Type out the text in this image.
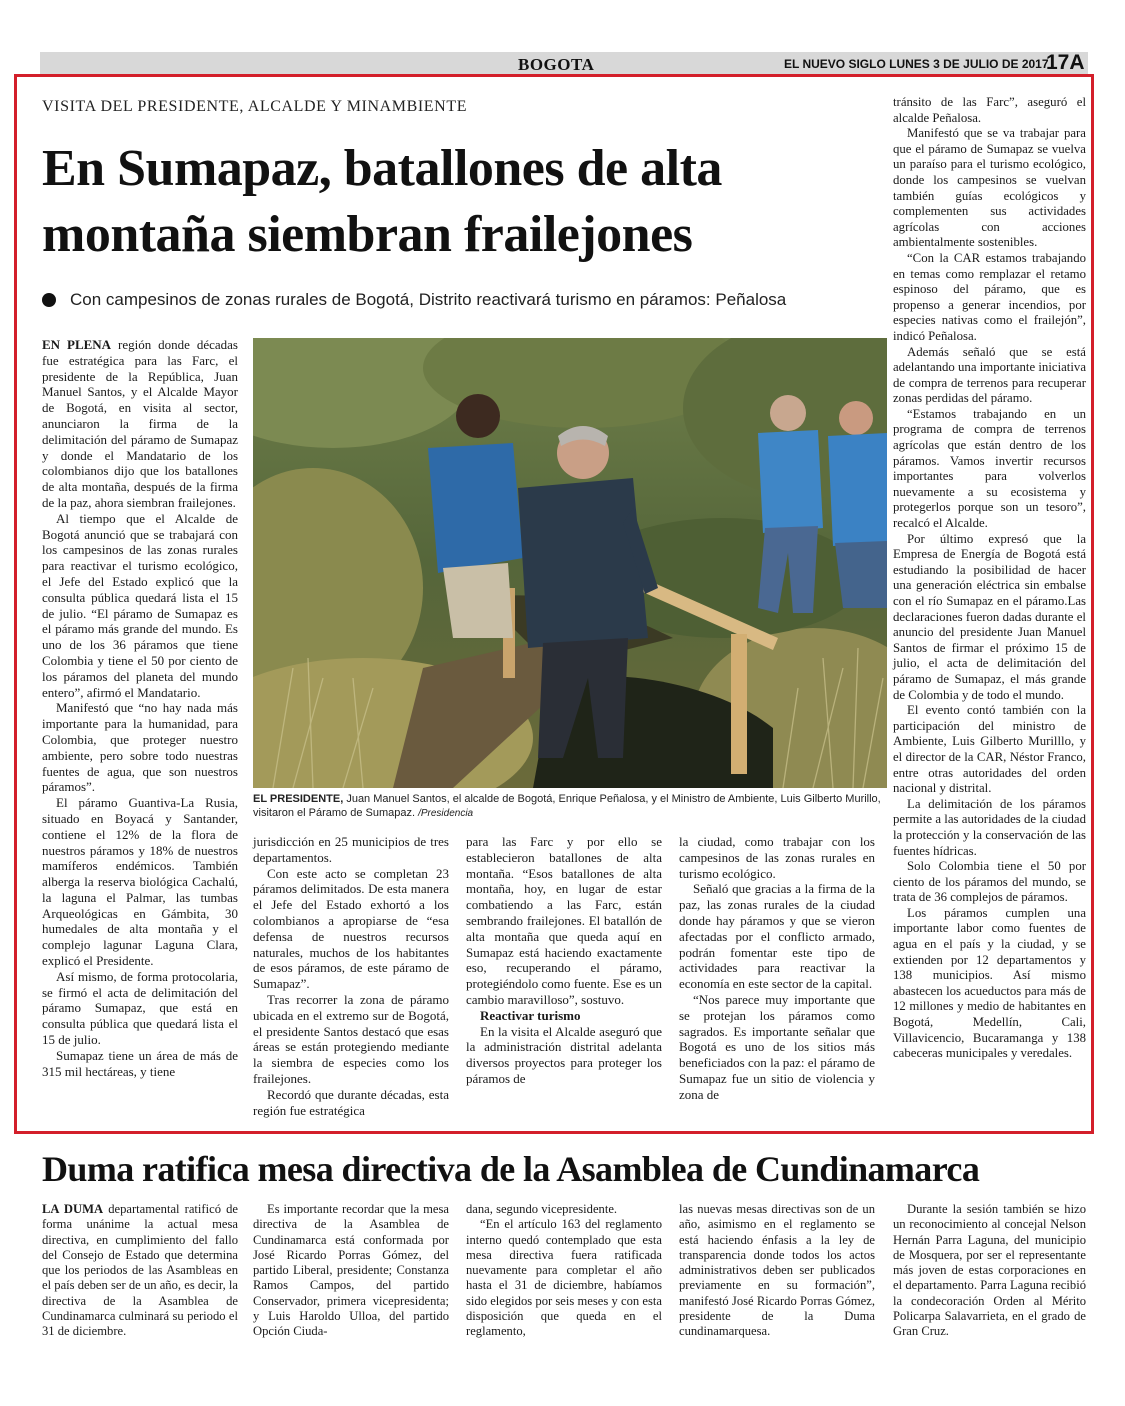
BOGOTA	EL NUEVO SIGLO LUNES 3 DE JULIO DE 2017
17A
VISITA DEL PRESIDENTE, ALCALDE Y MINAMBIENTE
En Sumapaz, batallones de alta montaña siembran frailejones
Con campesinos de zonas rurales de Bogotá, Distrito reactivará turismo en páramos: Peñalosa

EN PLENA región donde décadas fue estratégica para las Farc, el presidente de la República, Juan Manuel Santos, y el Alcalde Mayor de Bogotá, en visita al sector, anunciaron la firma de la delimitación del páramo de Sumapaz y donde el Mandatario de los colombianos dijo que los batallones de alta montaña, después de la firma de la paz, ahora siembran frailejones.

Al tiempo que el Alcalde de Bogotá anunció que se trabajará con los campesinos de las zonas rurales para reactivar el turismo ecológico, el Jefe del Estado explicó que la consulta pública quedará lista el 15 de julio. “El páramo de Sumapaz es el páramo más grande del mundo. Es uno de los 36 páramos que tiene Colombia y tiene el 50 por ciento de los páramos del planeta del mundo entero”, afirmó el Mandatario.

Manifestó que “no hay nada más importante para la humanidad, para Colombia, que proteger nuestro ambiente, pero sobre todo nuestras fuentes de agua, que son nuestros páramos”.

El páramo Guantiva-La Rusia, situado en Boyacá y Santander, contiene el 12% de la flora de nuestros páramos y 18% de nuestros mamíferos endémicos. También alberga la reserva biológica Cachalú, la laguna el Palmar, las tumbas Arqueológicas en Gámbita, 30 humedales de alta montaña y el complejo lagunar Laguna Clara, explicó el Presidente.

Así mismo, de forma protocolaria, se firmó el acta de delimitación del páramo Sumapaz, que está en consulta pública que quedará lista el 15 de julio.

Sumapaz tiene un área de más de 315 mil hectáreas, y tiene

EL PRESIDENTE, Juan Manuel Santos, el alcalde de Bogotá, Enrique Peñalosa, y el Ministro de Ambiente, Luis Gilberto Murillo, visitaron el Páramo de Sumapaz. /Presidencia

jurisdicción en 25 municipios de tres departamentos.

Con este acto se completan 23 páramos delimitados. De esta manera el Jefe del Estado exhortó a los colombianos a apropiarse de “esa defensa de nuestros recursos naturales, muchos de los habitantes de esos páramos, de este páramo de Sumapaz”.

Tras recorrer la zona de páramo ubicada en el extremo sur de Bogotá, el presidente Santos destacó que esas áreas se están protegiendo mediante la siembra de especies como los frailejones.

Recordó que durante décadas, esta región fue estratégica

para las Farc y por ello se establecieron batallones de alta montaña. “Esos batallones de alta montaña, hoy, en lugar de estar combatiendo a las Farc, están sembrando frailejones. El batallón de alta montaña que queda aquí en Sumapaz está haciendo exactamente eso, recuperando el páramo, protegiéndolo como fuente. Ese es un cambio maravilloso”, sostuvo.

Reactivar turismo

En la visita el Alcalde aseguró que la administración distrital adelanta diversos proyectos para proteger los páramos de

la ciudad, como trabajar con los campesinos de las zonas rurales en turismo ecológico.

Señaló que gracias a la firma de la paz, las zonas rurales de la ciudad donde hay páramos y que se vieron afectadas por el conflicto armado, podrán fomentar este tipo de actividades para reactivar la economía en este sector de la capital.

“Nos parece muy importante que se protejan los páramos como sagrados. Es importante señalar que Bogotá es uno de los sitios más beneficiados con la paz: el páramo de Sumapaz fue un sitio de violencia y zona de

tránsito de las Farc”, aseguró el alcalde Peñalosa.

Manifestó que se va trabajar para que el páramo de Sumapaz se vuelva un paraíso para el turismo ecológico, donde los campesinos se vuelvan también guías ecológicos y complementen sus actividades agrícolas con acciones ambientalmente sostenibles.

“Con la CAR estamos trabajando en temas como remplazar el retamo espinoso del páramo, que es propenso a generar incendios, por especies nativas como el frailejón”, indicó Peñalosa.

Además señaló que se está adelantando una importante iniciativa de compra de terrenos para recuperar zonas perdidas del páramo.

“Estamos trabajando en un programa de compra de terrenos agrícolas que están dentro de los páramos. Vamos invertir recursos importantes para volverlos nuevamente a su ecosistema y protegerlos porque son un tesoro”, recalcó el Alcalde.

Por último expresó que la Empresa de Energía de Bogotá está estudiando la posibilidad de hacer una generación eléctrica sin embalse con el río Sumapaz en el páramo.Las declaraciones fueron dadas durante el anuncio del presidente Juan Manuel Santos de firmar el próximo 15 de julio, el acta de delimitación del páramo de Sumapaz, el más grande de Colombia y de todo el mundo.

El evento contó también con la participación del ministro de Ambiente, Luis Gilberto Murilllo, y el director de la CAR, Néstor Franco, entre otras autoridades del orden nacional y distrital.

La delimitación de los páramos permite a las autoridades de la ciudad la protección y la conservación de las fuentes hídricas.

Solo Colombia tiene el 50 por ciento de los páramos del mundo, se trata de 36 complejos de páramos.

Los páramos cumplen una importante labor como fuentes de agua en el país y la ciudad, y se extienden por 12 departamentos y 138 municipios. Así mismo abastecen los acueductos para más de 12 millones y medio de habitantes en Bogotá, Medellín, Cali, Villavicencio, Bucaramanga y 138 cabeceras municipales y veredales.

Duma ratifica mesa directiva de la Asamblea de Cundinamarca

LA DUMA departamental ratificó de forma unánime la actual mesa directiva, en cumplimiento del fallo del Consejo de Estado que determina que los periodos de las Asambleas en el país deben ser de un año, es decir, la directiva de la Asamblea de Cundinamarca culminará su periodo el 31 de diciembre.

Es importante recordar que la mesa directiva de la Asamblea de Cundinamarca está conformada por José Ricardo Porras Gómez, del partido Liberal, presidente; Constanza Ramos Campos, del partido Conservador, primera vicepresidenta; y Luis Haroldo Ulloa, del partido Opción Ciuda-

dana, segundo vicepresidente.

“En el artículo 163 del reglamento interno quedó contemplado que esta mesa directiva fuera ratificada nuevamente para completar el año hasta el 31 de diciembre, habíamos sido elegidos por seis meses y con esta disposición que queda en el reglamento,

las nuevas mesas directivas son de un año, asimismo en el reglamento se está haciendo énfasis a la ley de transparencia donde todos los actos administrativos deben ser publicados previamente en su formación”, manifestó José Ricardo Porras Gómez, presidente de la Duma cundinamarquesa.

Durante la sesión también se hizo un reconocimiento al concejal Nelson Hernán Parra Laguna, del municipio de Mosquera, por ser el representante más joven de estas corporaciones en el departamento. Parra Laguna recibió la condecoración Orden al Mérito Policarpa Salavarrieta, en el grado de Gran Cruz.
